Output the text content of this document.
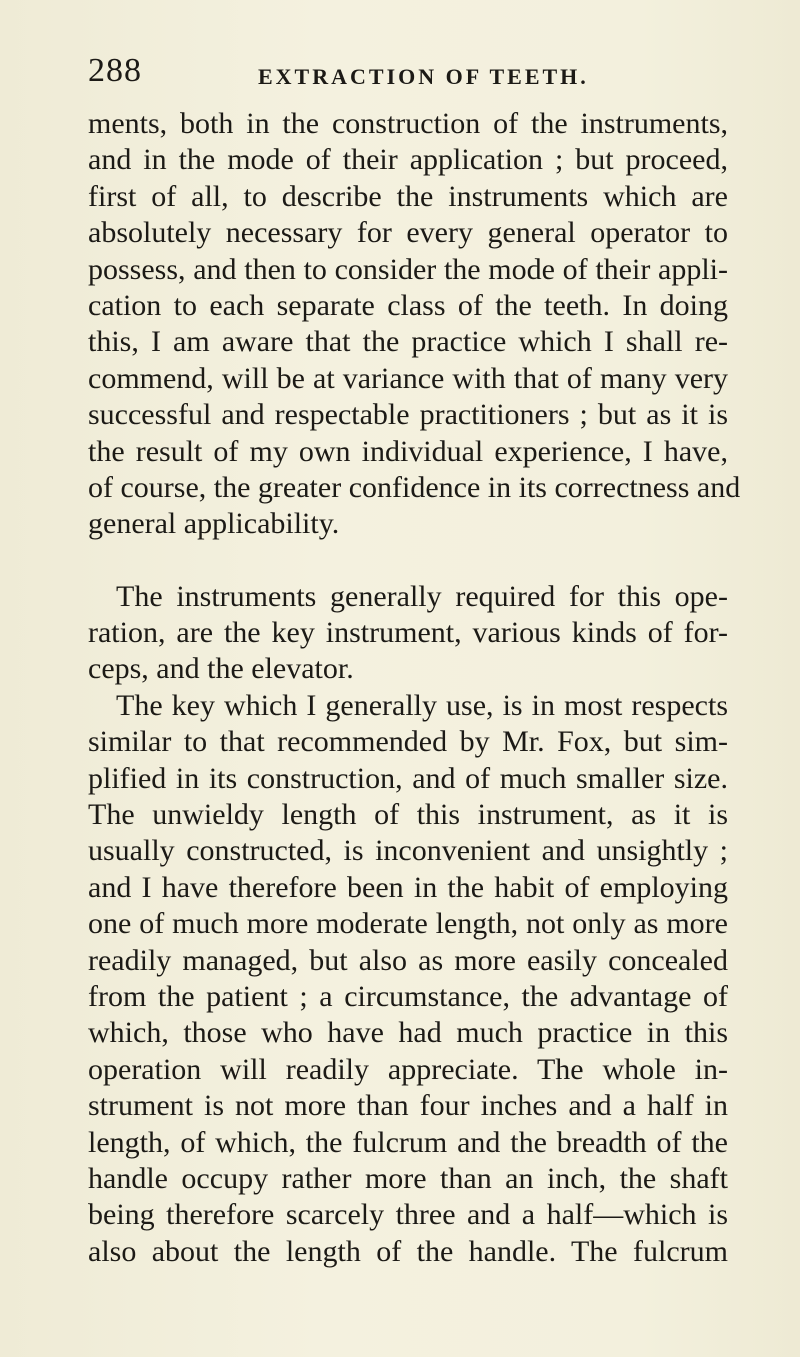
288	EXTRACTION OF TEETH.
ments, both in the construction of the instruments,
and in the mode of their application ; but proceed,
first of all, to describe the instruments which are
absolutely necessary for every general operator to
possess, and then to consider the mode of their appli-
cation to each separate class of the teeth. In doing
this, I am aware that the practice which I shall re-
commend, will be at variance with that of many very
successful and respectable practitioners ; but as it is
the result of my own individual experience, I have,
of course, the greater confidence in its correctness and
general applicability.
The instruments generally required for this ope-
ration, are the key instrument, various kinds of for-
ceps, and the elevator.
The key which I generally use, is in most respects
similar to that recommended by Mr. Fox, but sim-
plified in its construction, and of much smaller size.
The unwieldy length of this instrument, as it is
usually constructed, is inconvenient and unsightly ;
and I have therefore been in the habit of employing
one of much more moderate length, not only as more
readily managed, but also as more easily concealed
from the patient ; a circumstance, the advantage of
which, those who have had much practice in this
operation will readily appreciate. The whole in-
strument is not more than four inches and a half in
length, of which, the fulcrum and the breadth of the
handle occupy rather more than an inch, the shaft
being therefore scarcely three and a half—which is
also about the length of the handle. The fulcrum
